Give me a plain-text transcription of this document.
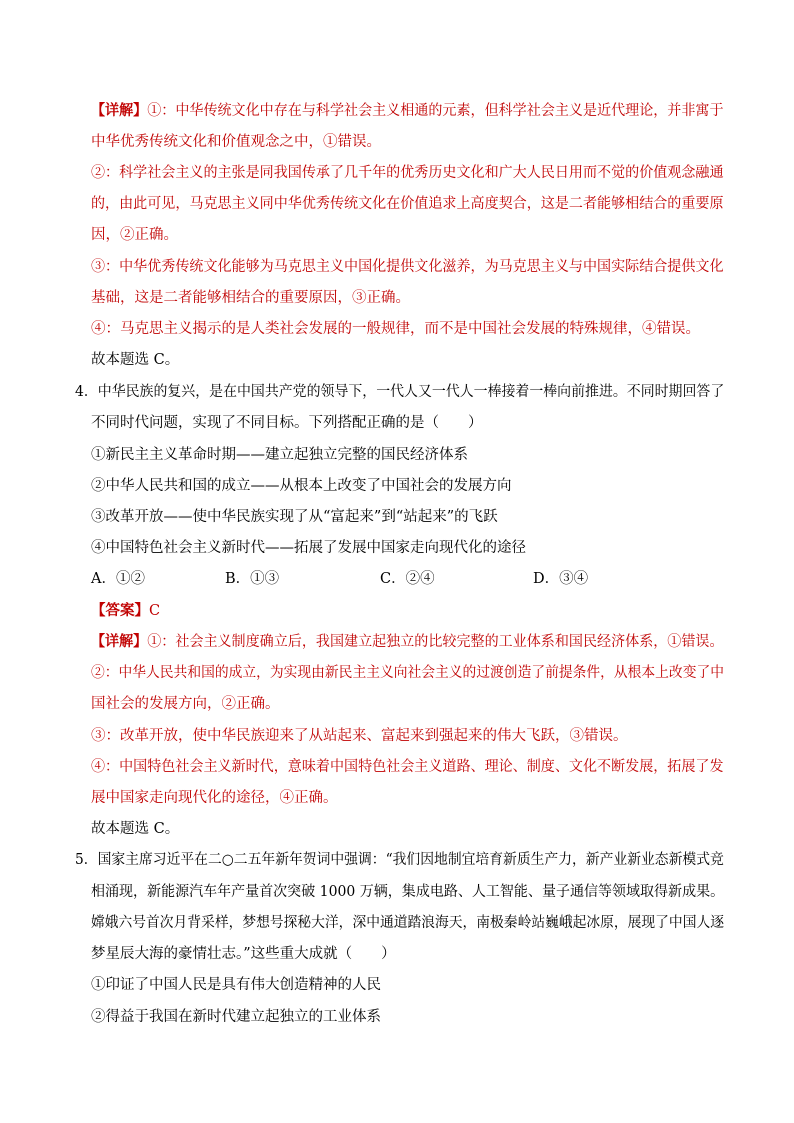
【详解】①：中华传统文化中存在与科学社会主义相通的元素，但科学社会主义是近代理论，并非寓于
中华优秀传统文化和价值观念之中，①错误。
②：科学社会主义的主张是同我国传承了几千年的优秀历史文化和广大人民日用而不觉的价值观念融通
的，由此可见，马克思主义同中华优秀传统文化在价值追求上高度契合，这是二者能够相结合的重要原
因，②正确。
③：中华优秀传统文化能够为马克思主义中国化提供文化滋养，为马克思主义与中国实际结合提供文化
基础，这是二者能够相结合的重要原因，③正确。
④：马克思主义揭示的是人类社会发展的一般规律，而不是中国社会发展的特殊规律，④错误。
故本题选 C。
4．中华民族的复兴，是在中国共产党的领导下，一代人又一代人一棒接着一棒向前推进。不同时期回答了
不同时代问题，实现了不同目标。下列搭配正确的是（　　）
①新民主主义革命时期——建立起独立完整的国民经济体系
②中华人民共和国的成立——从根本上改变了中国社会的发展方向
③改革开放——使中华民族实现了从“富起来”到“站起来”的飞跃
④中国特色社会主义新时代——拓展了发展中国家走向现代化的途径
A．①②	B．①③	C．②④	D．③④
【答案】C
【详解】①：社会主义制度确立后，我国建立起独立的比较完整的工业体系和国民经济体系，①错误。
②：中华人民共和国的成立，为实现由新民主主义向社会主义的过渡创造了前提条件，从根本上改变了中
国社会的发展方向，②正确。
③：改革开放，使中华民族迎来了从站起来、富起来到强起来的伟大飞跃，③错误。
④：中国特色社会主义新时代，意味着中国特色社会主义道路、理论、制度、文化不断发展，拓展了发
展中国家走向现代化的途径，④正确。
故本题选 C。
5．国家主席习近平在二○二五年新年贺词中强调：“我们因地制宜培育新质生产力，新产业新业态新模式竞
相涌现，新能源汽车年产量首次突破 1000 万辆，集成电路、人工智能、量子通信等领域取得新成果。
嫦娥六号首次月背采样，梦想号探秘大洋，深中通道踏浪海天，南极秦岭站巍峨起冰原，展现了中国人逐
梦星辰大海的豪情壮志。”这些重大成就（　　）
①印证了中国人民是具有伟大创造精神的人民
②得益于我国在新时代建立起独立的工业体系
